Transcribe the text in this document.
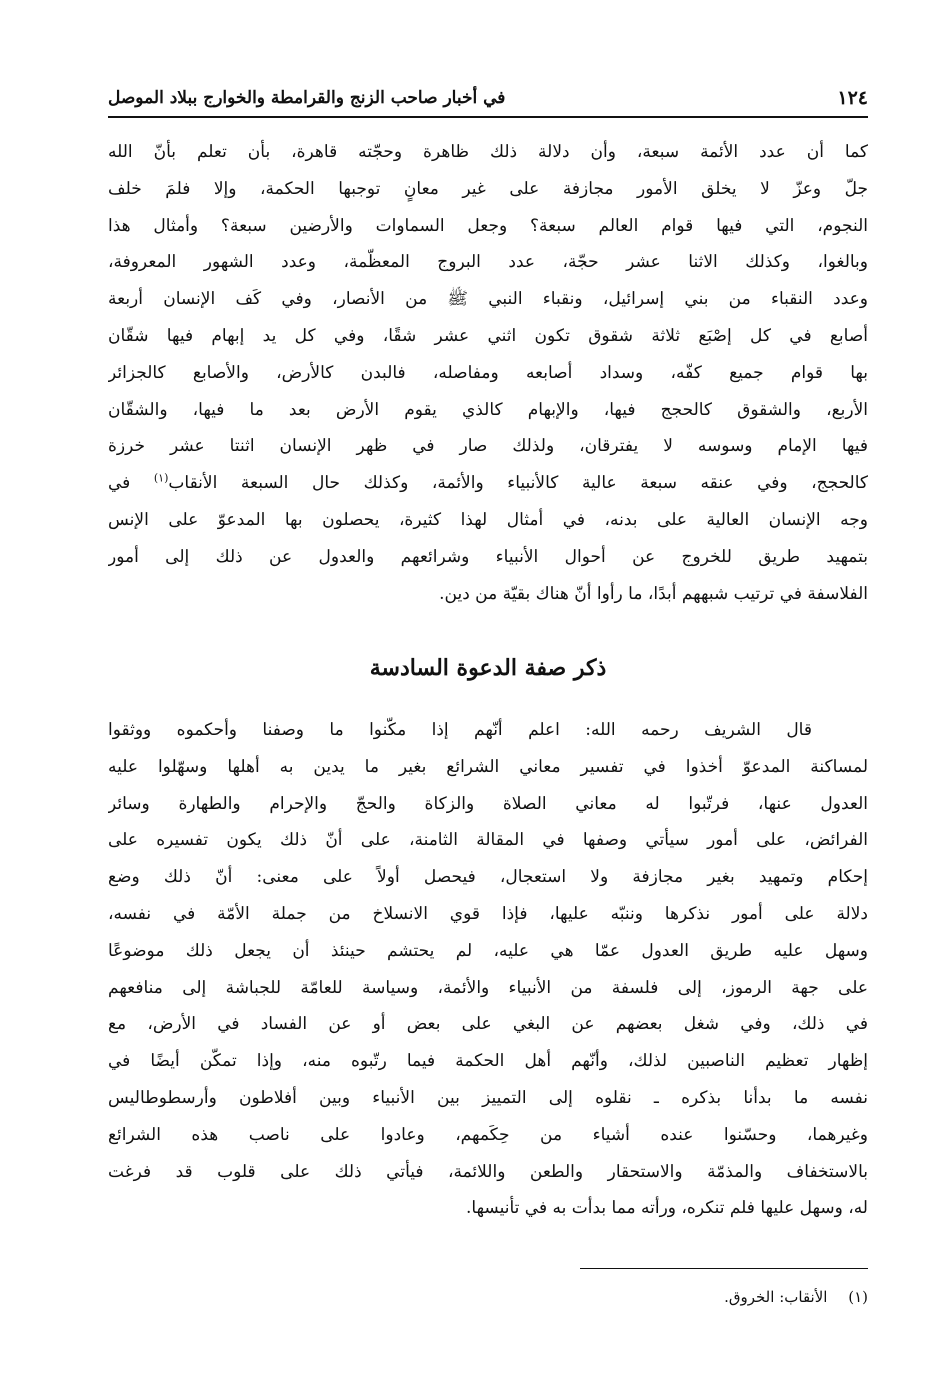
١٢٤
في أخبار صاحب الزنج والقرامطة والخوارج ببلاد الموصل

كما أن عدد الأئمة سبعة، وأن دلالة ذلك ظاهرة وحجّته قاهرة، بأن تعلم بأنّ الله
جلّ وعزّ لا يخلق الأمور مجازفة على غير معانٍ توجبها الحكمة، وإلا فلمَ خلف
النجوم، التي فيها قوام العالم سبعة؟ وجعل السماوات والأرضين سبعة؟ وأمثال هذا
وبالغوا، وكذلك الاثنا عشر حجّة، عدد البروج المعظّمة، وعدد الشهور المعروفة،
وعدد النقباء من بني إسرائيل، ونقباء النبي ﷺ من الأنصار، وفي كَف الإنسان أربعة
أصابع في كل إصْبَع ثلاثة شقوق تكون اثني عشر شقًا، وفي كل يد إبهام فيها شقّان
بها قوام جميع كفّه، وسداد أصابعه ومفاصله، فالبدن كالأرض، والأصابع كالجزائر
الأربع، والشقوق كالحجج فيها، والإبهام كالذي يقوم الأرض بعد ما فيها، والشقّان
فيها الإمام وسوسه لا يفترقان، ولذلك صار في ظهر الإنسان اثنتا عشر خرزة
كالحجج، وفي عنقه سبعة عالية كالأنبياء والأئمة، وكذلك حال السبعة الأنقاب$^{(١)}$ في
وجه الإنسان العالية على بدنه، في أمثال لهذا كثيرة، يحصلون بها المدعوّ على الإنس
بتمهيد طريق للخروج عن أحوال الأنبياء وشرائعهم والعدول عن ذلك إلى أمور
الفلاسفة في ترتيب شبههم أبدًا، ما رأوا أنّ هناك بقيّة من دين.

ذكر صفة الدعوة السادسة

قال الشريف رحمه الله: اعلم أنّهم إذا مكّنوا ما وصفنا وأحكموه ووثقوا
لمساكنة المدعوّ أخذوا في تفسير معاني الشرائع بغير ما يدين به أهلها وسهّلوا عليه
العدول عنها، فرتّبوا له معاني الصلاة والزكاة والحجّ والإحرام والطهارة وسائر
الفرائض، على أمور سيأتي وصفها في المقالة الثامنة، على أنّ ذلك يكون تفسيره على
إحكام وتمهيد بغير مجازفة ولا استعجال، فيحصل أولاً على معنى: أنّ ذلك وضع
دلالة على أمور نذكرها وننبّه عليها، فإذا قوي الانسلاخ من جملة الأمّة في نفسه،
وسهل عليه طريق العدول عمّا هي عليه، لم يحتشم حينئذ أن يجعل ذلك موضوعًا
على جهة الرموز، إلى فلسفة من الأنبياء والأئمة، وسياسة للعامّة للجباشة إلى منافعهم
في ذلك، وفي شغل بعضهم عن البغي على بعض أو عن الفساد في الأرض، مع
إظهار تعظيم الناصبين لذلك، وأنّهم أهل الحكمة فيما رتّبوه منه، وإذا تمكّن أيضًا في
نفسه ما بدأنا بذكره ـ نقلوه إلى التمييز بين الأنبياء وبين أفلاطون وأرسطوطاليس
وغيرهما، وحسّنوا عنده أشياء من حِكَمهم، وعادوا على ناصب هذه الشرائع
بالاستخفاف والمذمّة والاستحقار والطعن واللائمة، فيأتي ذلك على قلوب قد فرغت
له، وسهل عليها فلم تنكره، ورأته مما بدأت به في تأنيسها.

(١) الأنقاب: الخروق.
